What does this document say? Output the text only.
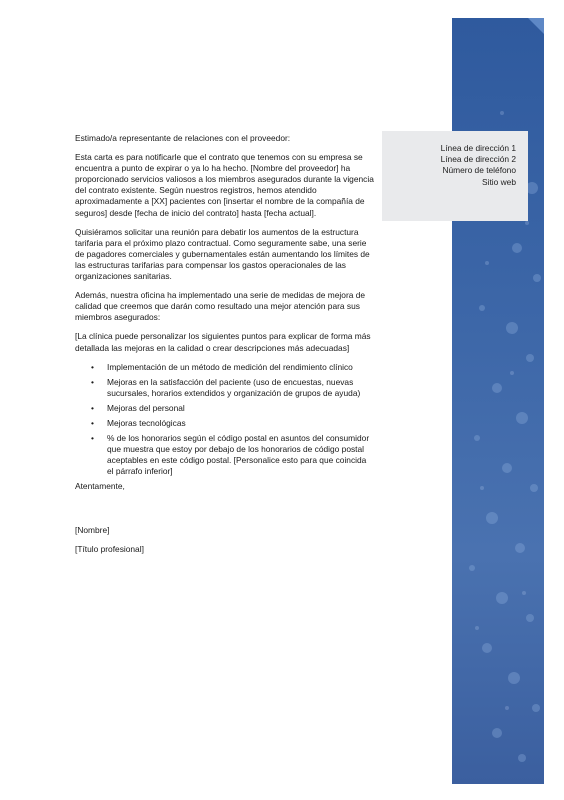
Línea de dirección 1
Línea de dirección 2
Número de teléfono
Sitio web

Estimado/a representante de relaciones con el proveedor:

Esta carta es para notificarle que el contrato que tenemos con su empresa se encuentra a punto de expirar o ya lo ha hecho. [Nombre del proveedor] ha proporcionado servicios valiosos a los miembros asegurados durante la vigencia del contrato existente. Según nuestros registros, hemos atendido aproximadamente a [XX] pacientes con [insertar el nombre de la compañía de seguros] desde [fecha de inicio del contrato] hasta [fecha actual].

Quisiéramos solicitar una reunión para debatir los aumentos de la estructura tarifaria para el próximo plazo contractual. Como seguramente sabe, una serie de pagadores comerciales y gubernamentales están aumentando los límites de las estructuras tarifarias para compensar los gastos operacionales de las organizaciones sanitarias.

Además, nuestra oficina ha implementado una serie de medidas de mejora de calidad que creemos que darán como resultado una mejor atención para sus miembros asegurados:

[La clínica puede personalizar los siguientes puntos para explicar de forma más detallada las mejoras en la calidad o crear descripciones más adecuadas]

• Implementación de un método de medición del rendimiento clínico
• Mejoras en la satisfacción del paciente (uso de encuestas, nuevas sucursales, horarios extendidos y organización de grupos de ayuda)
• Mejoras del personal
• Mejoras tecnológicas
• % de los honorarios según el código postal en asuntos del consumidor que muestra que estoy por debajo de los honorarios de código postal aceptables en este código postal. [Personalice esto para que coincida el párrafo inferior]

Atentamente,

[Nombre]

[Título profesional]
